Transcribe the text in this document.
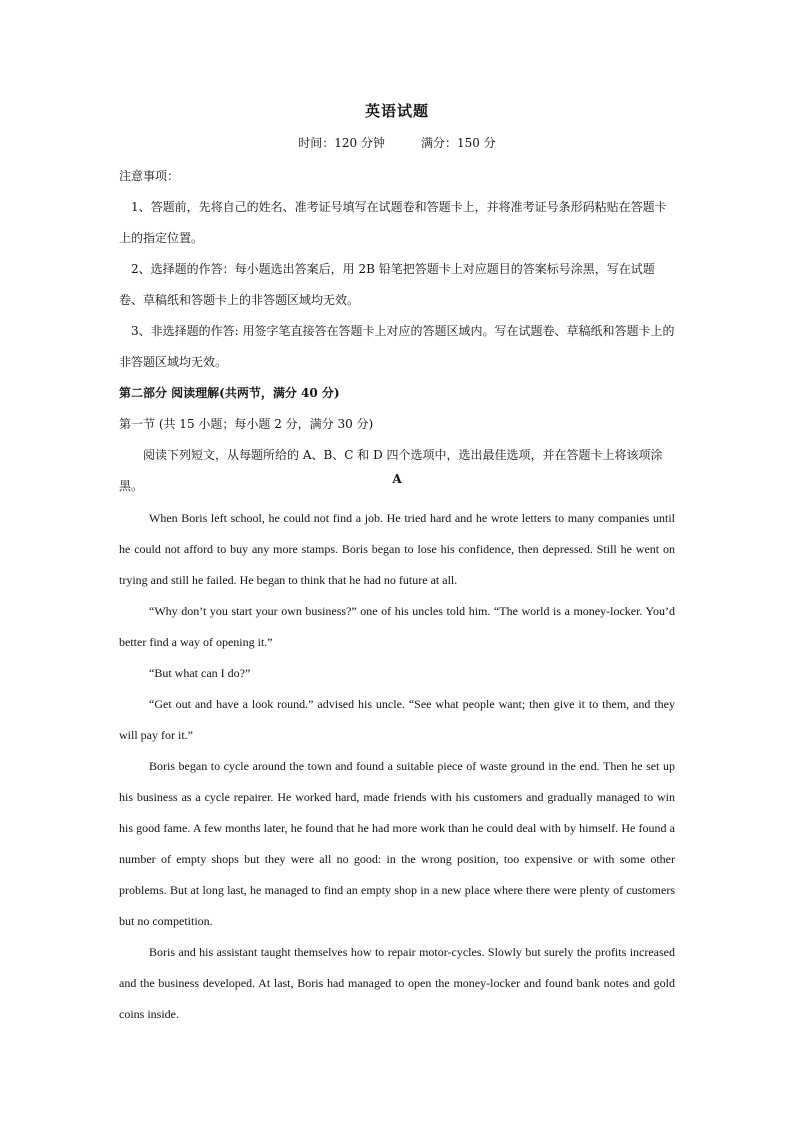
英语试题
时间：120 分钟	满分：150 分
注意事项：

1、答题前，先将自己的姓名、准考证号填写在试题卷和答题卡上，并将准考证号条形码粘贴在答题卡上的指定位置。

2、选择题的作答：每小题选出答案后，用 2B 铅笔把答题卡上对应题目的答案标号涂黑，写在试题卷、草稿纸和答题卡上的非答题区域均无效。

3、非选择题的作答: 用签字笔直接答在答题卡上对应的答题区域内。写在试题卷、草稿纸和答题卡上的非答题区域均无效。

第二部分 阅读理解(共两节，满分 40 分)
第一节 (共 15 小题；每小题 2 分，满分 30 分)
阅读下列短文，从每题所给的 A、B、C 和 D 四个选项中，选出最佳选项，并在答题卡上将该项涂黑。	A

When Boris left school, he could not find a job. He tried hard and he wrote letters to many companies until he could not afford to buy any more stamps. Boris began to lose his confidence, then depressed. Still he went on trying and still he failed. He began to think that he had no future at all.

“Why don’t you start your own business?” one of his uncles told him. “The world is a money-locker. You’d better find a way of opening it.”

“But what can I do?”

“Get out and have a look round.” advised his uncle. “See what people want; then give it to them, and they will pay for it.”

Boris began to cycle around the town and found a suitable piece of waste ground in the end. Then he set up his business as a cycle repairer. He worked hard, made friends with his customers and gradually managed to win his good fame. A few months later, he found that he had more work than he could deal with by himself. He found a number of empty shops but they were all no good: in the wrong position, too expensive or with some other problems. But at long last, he managed to find an empty shop in a new place where there were plenty of customers but no competition.

Boris and his assistant taught themselves how to repair motor-cycles. Slowly but surely the profits increased and the business developed. At last, Boris had managed to open the money-locker and found bank notes and gold coins inside.
